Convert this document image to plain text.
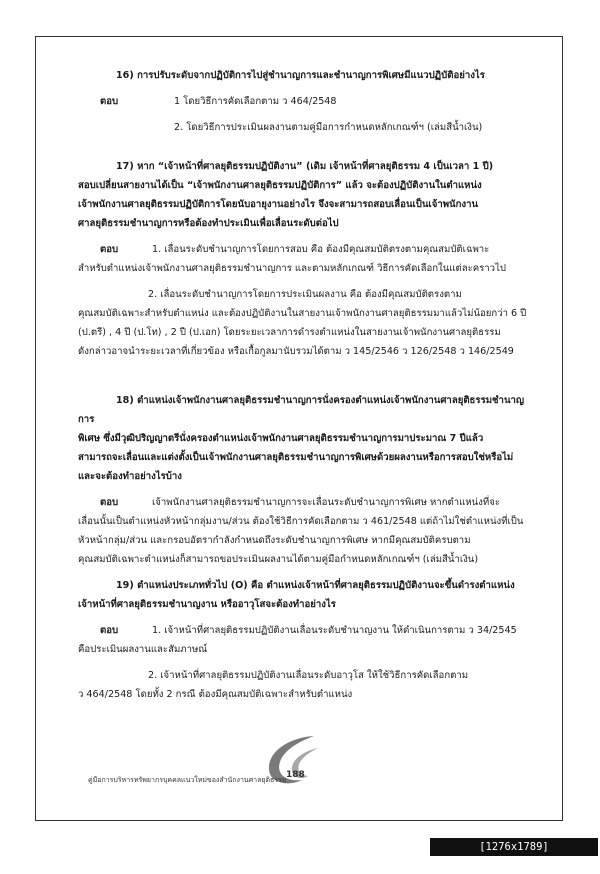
16) การปรับระดับจากปฏิบัติการไปสู่ชำนาญการและชำนาญการพิเศษมีแนวปฏิบัติอย่างไร

ตอบ	1 โดยวิธีการคัดเลือกตาม ว 464/2548
2. โดยวิธีการประเมินผลงานตามคู่มือการกำหนดหลักเกณฑ์ฯ (เล่มสีน้ำเงิน)

17) หาก “เจ้าหน้าที่ศาลยุติธรรมปฏิบัติงาน” (เดิม เจ้าหน้าที่ศาลยุติธรรม 4 เป็นเวลา 1 ปี)

สอบเปลี่ยนสายงานได้เป็น “เจ้าพนักงานศาลยุติธรรมปฏิบัติการ” แล้ว จะต้องปฏิบัติงานในตำแหน่ง

เจ้าพนักงานศาลยุติธรรมปฏิบัติการโดยนับอายุงานอย่างไร จึงจะสามารถสอบเลื่อนเป็นเจ้าพนักงาน

ศาลยุติธรรมชำนาญการหรือต้องทำประเมินเพื่อเลื่อนระดับต่อไป

ตอบ	1. เลื่อนระดับชำนาญการโดยการสอบ คือ ต้องมีคุณสมบัติตรงตามคุณสมบัติเฉพาะ

สำหรับตำแหน่งเจ้าพนักงานศาลยุติธรรมชำนาญการ และตามหลักเกณฑ์ วิธีการคัดเลือกในแต่ละคราวไป

2. เลื่อนระดับชำนาญการโดยการประเมินผลงาน คือ ต้องมีคุณสมบัติตรงตาม

คุณสมบัติเฉพาะสำหรับตำแหน่ง และต้องปฏิบัติงานในสายงานเจ้าพนักงานศาลยุติธรรมมาแล้วไม่น้อยกว่า 6 ปี

(ป.ตรี) , 4 ปี (ป.โท) , 2 ปี (ป.เอก) โดยระยะเวลาการดำรงตำแหน่งในสายงานเจ้าพนักงานศาลยุติธรรม

ดังกล่าวอาจนำระยะเวลาที่เกี่ยวข้อง หรือเกื้อกูลมานับรวมได้ตาม ว 145/2546 ว 126/2548 ว 146/2549

18) ตำแหน่งเจ้าพนักงานศาลยุติธรรมชำนาญการนั่งครองตำแหน่งเจ้าพนักงานศาลยุติธรรมชำนาญการ

พิเศษ ซึ่งมีวุฒิปริญญาตรีนั่งครองตำแหน่งเจ้าพนักงานศาลยุติธรรมชำนาญการมาประมาณ 7 ปีแล้ว

สามารถจะเลื่อนและแต่งตั้งเป็นเจ้าพนักงานศาลยุติธรรมชำนาญการพิเศษด้วยผลงานหรือการสอบใช่หรือไม่

และจะต้องทำอย่างไรบ้าง

ตอบ	เจ้าพนักงานศาลยุติธรรมชำนาญการจะเลื่อนระดับชำนาญการพิเศษ หากตำแหน่งที่จะ

เลื่อนนั้นเป็นตำแหน่งหัวหน้ากลุ่มงาน/ส่วน ต้องใช้วิธีการคัดเลือกตาม ว 461/2548 แต่ถ้าไม่ใช่ตำแหน่งที่เป็น

หัวหน้ากลุ่ม/ส่วน และกรอบอัตรากำลังกำหนดถึงระดับชำนาญการพิเศษ หากมีคุณสมบัติครบตาม

คุณสมบัติเฉพาะตำแหน่งก็สามารถขอประเมินผลงานได้ตามคู่มือกำหนดหลักเกณฑ์ฯ (เล่มสีน้ำเงิน)

19) ตำแหน่งประเภททั่วไป (O) คือ ตำแหน่งเจ้าหน้าที่ศาลยุติธรรมปฏิบัติงานจะขึ้นดำรงตำแหน่ง

เจ้าหน้าที่ศาลยุติธรรมชำนาญงาน หรืออาวุโสจะต้องทำอย่างไร

ตอบ	1. เจ้าหน้าที่ศาลยุติธรรมปฏิบัติงานเลื่อนระดับชำนาญงาน ให้ดำเนินการตาม ว 34/2545

คือประเมินผลงานและสัมภาษณ์

2. เจ้าหน้าที่ศาลยุติธรรมปฏิบัติงานเลื่อนระดับอาวุโส ให้ใช้วิธีการคัดเลือกตาม

ว 464/2548 โดยทั้ง 2 กรณี ต้องมีคุณสมบัติเฉพาะสำหรับตำแหน่ง

คู่มือการบริหารทรัพยากรบุคคลแนวใหม่ของสำนักงานศาลยุติธรรม 188
[1276x1789] https://upic.me/
